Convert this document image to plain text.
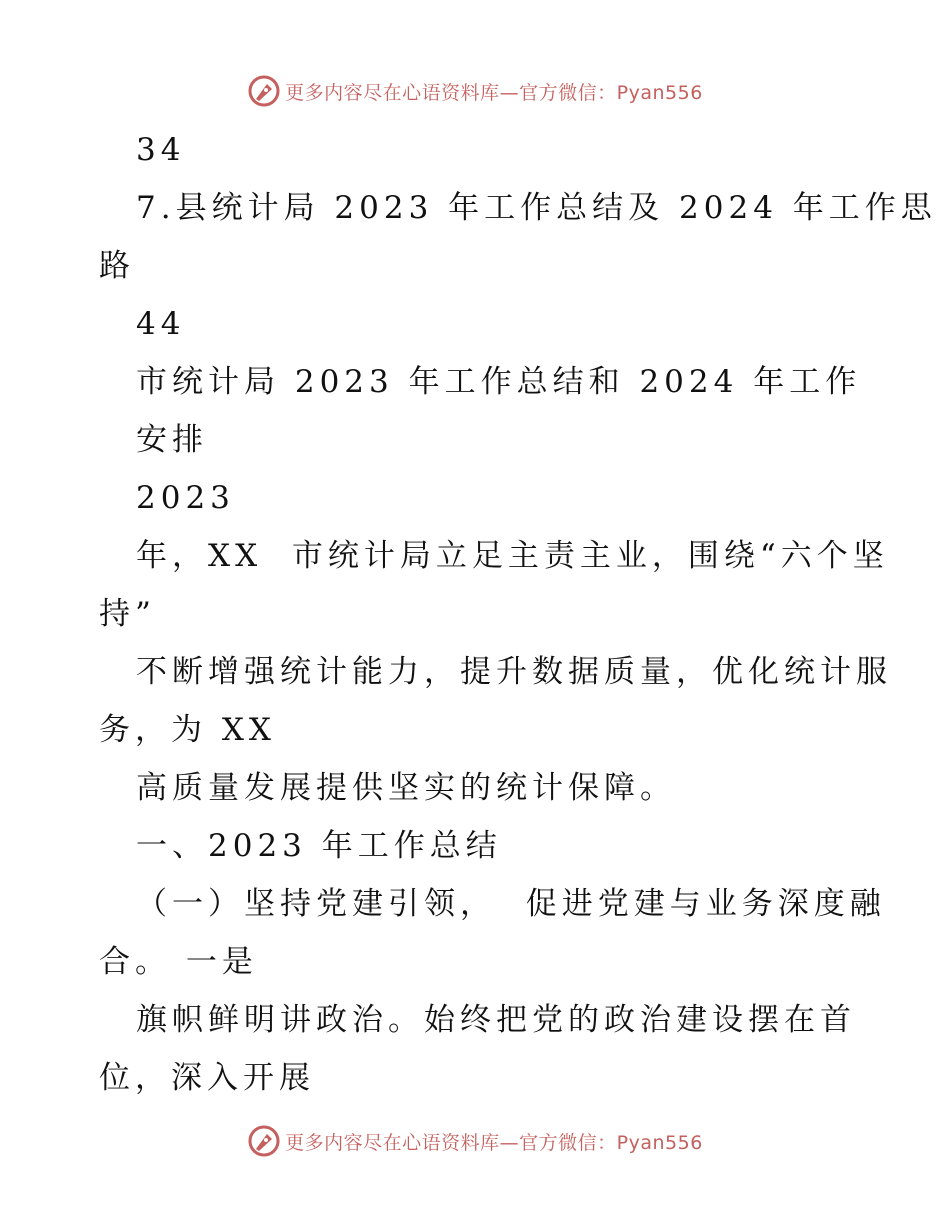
更多内容尽在心语资料库—官方微信：Pyan556
34
7.县统计局 2023 年工作总结及 2024 年工作思
路
44
市统计局 2023 年工作总结和 2024 年工作
安排
2023
年，XX  市统计局立足主责主业，围绕“六个坚
持”
不断增强统计能力，提升数据质量，优化统计服
务，为 XX
高质量发展提供坚实的统计保障。
一、2023 年工作总结
（一）坚持党建引领，  促进党建与业务深度融
合。 一是
旗帜鲜明讲政治。始终把党的政治建设摆在首
位，深入开展
更多内容尽在心语资料库—官方微信：Pyan556
